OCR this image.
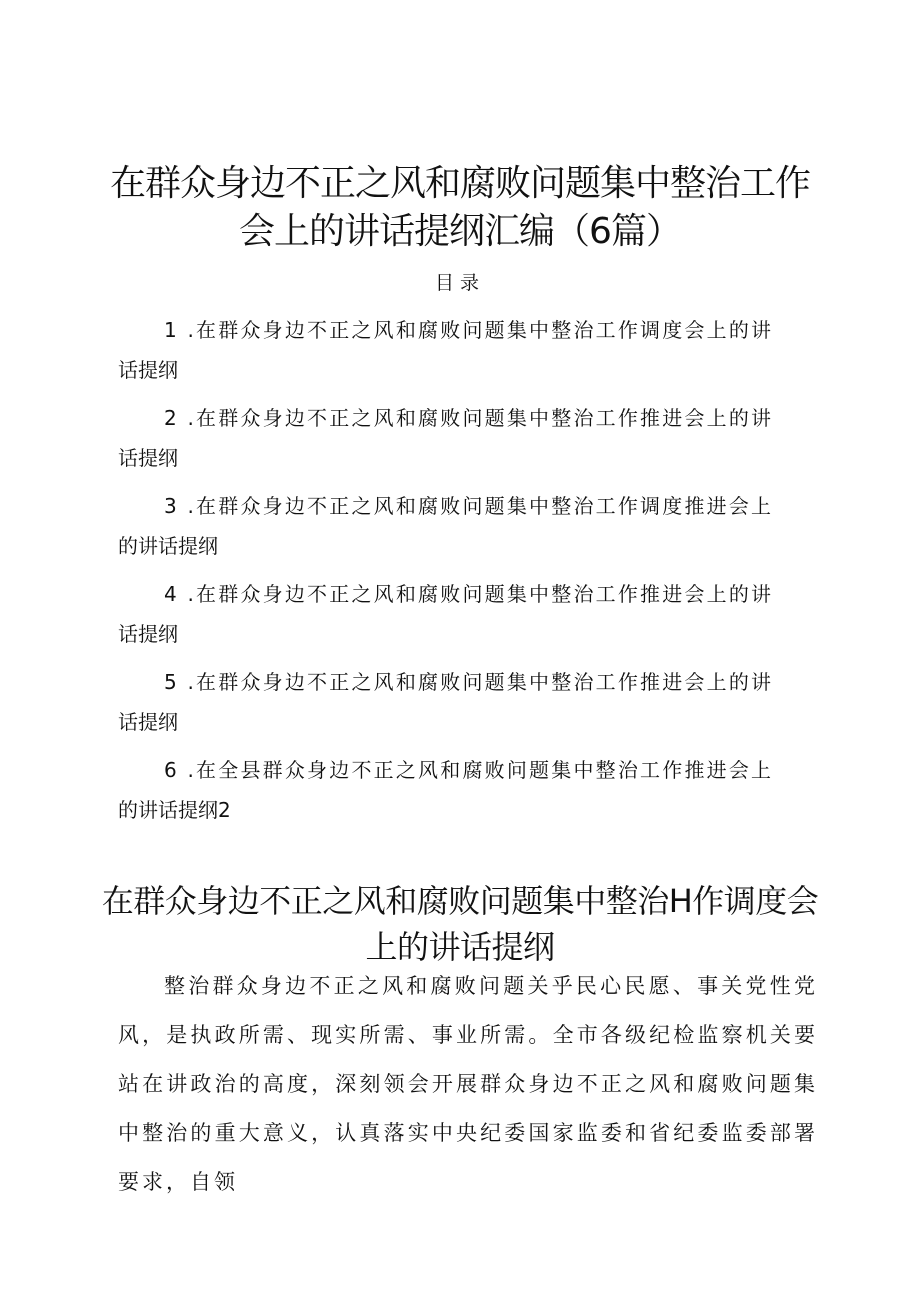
在群众身边不正之风和腐败问题集中整治工作会上的讲话提纲汇编（6篇）
目录
1 .在群众身边不正之风和腐败问题集中整治工作调度会上的讲
话提纲
2 .在群众身边不正之风和腐败问题集中整治工作推进会上的讲
话提纲
3 .在群众身边不正之风和腐败问题集中整治工作调度推进会上
的讲话提纲
4 .在群众身边不正之风和腐败问题集中整治工作推进会上的讲
话提纲
5 .在群众身边不正之风和腐败问题集中整治工作推进会上的讲
话提纲
6 .在全县群众身边不正之风和腐败问题集中整治工作推进会上
的讲话提纲2
在群众身边不正之风和腐败问题集中整治H作调度会上的讲话提纲

整治群众身边不正之风和腐败问题关乎民心民愿、事关党性党风，是执政所需、现实所需、事业所需。全市各级纪检监察机关要站在讲政治的高度，深刻领会开展群众身边不正之风和腐败问题集中整治的重大意义，认真落实中央纪委国家监委和省纪委监委部署要求，自领
